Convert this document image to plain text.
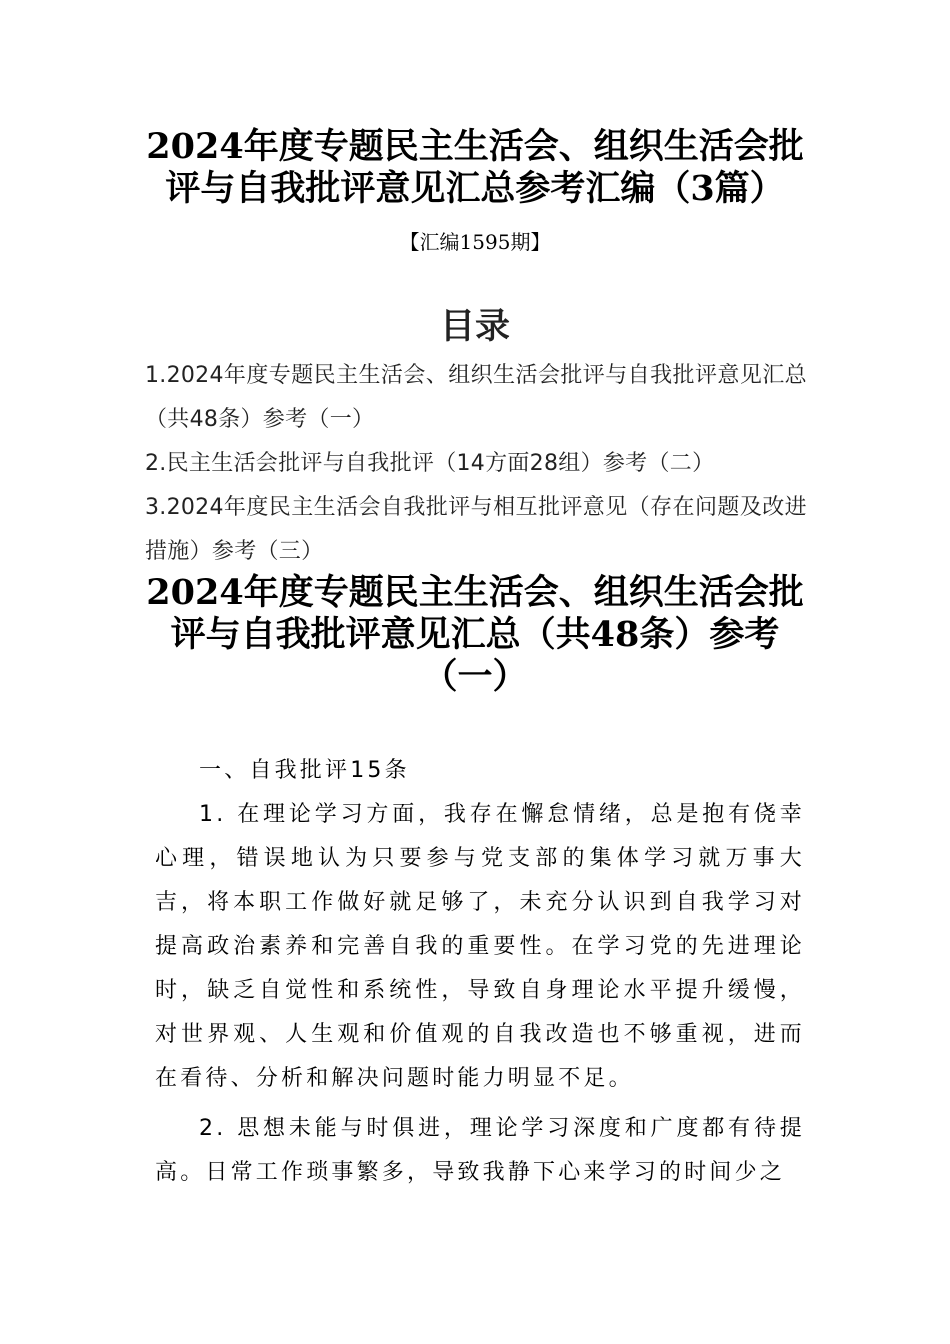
2024年度专题民主生活会、组织生活会批评与自我批评意见汇总参考汇编（3篇）
【汇编1595期】
目录
1.2024年度专题民主生活会、组织生活会批评与自我批评意见汇总（共48条）参考（一）
2.民主生活会批评与自我批评（14方面28组）参考（二）
3.2024年度民主生活会自我批评与相互批评意见（存在问题及改进措施）参考（三）
2024年度专题民主生活会、组织生活会批评与自我批评意见汇总（共48条）参考（一）

一、自我批评15条

1. 在理论学习方面，我存在懈怠情绪，总是抱有侥幸心理，错误地认为只要参与党支部的集体学习就万事大吉，将本职工作做好就足够了，未充分认识到自我学习对提高政治素养和完善自我的重要性。在学习党的先进理论时，缺乏自觉性和系统性，导致自身理论水平提升缓慢，对世界观、人生观和价值观的自我改造也不够重视，进而在看待、分析和解决问题时能力明显不足。

2. 思想未能与时俱进，理论学习深度和广度都有待提高。日常工作琐事繁多，导致我静下心来学习的时间少之
